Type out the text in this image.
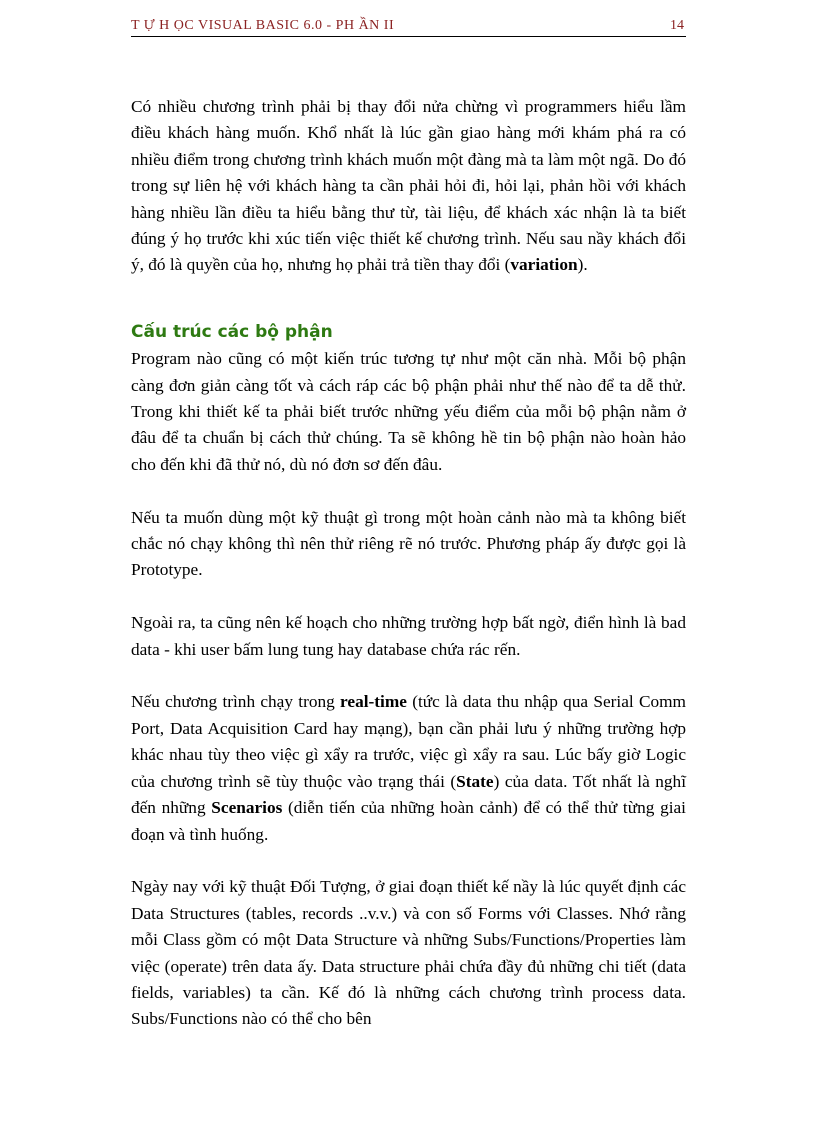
T Ự H ỌC VISUAL BASIC 6.0 - PH ẦN II	14

Có nhiều chương trình phải bị thay đổi nửa chừng vì programmers hiểu lầm điều khách hàng muốn. Khổ nhất là lúc gần giao hàng mới khám phá ra có nhiều điểm trong chương trình khách muốn một đàng mà ta làm một ngã. Do đó trong sự liên hệ với khách hàng ta cần phải hỏi đi, hỏi lại, phản hồi với khách hàng nhiều lần điều ta hiểu bằng thư từ, tài liệu, để khách xác nhận là ta biết đúng ý họ trước khi xúc tiến việc thiết kế chương trình. Nếu sau nầy khách đổi ý, đó là quyền của họ, nhưng họ phải trả tiền thay đổi (variation).

Cấu trúc các bộ phận

Program nào cũng có một kiến trúc tương tự như một căn nhà. Mỗi bộ phận càng đơn giản càng tốt và cách ráp các bộ phận phải như thế nào để ta dễ thử. Trong khi thiết kế ta phải biết trước những yếu điểm của mỗi bộ phận nằm ở đâu để ta chuẩn bị cách thử chúng. Ta sẽ không hề tin bộ phận nào hoàn hảo cho đến khi đã thử nó, dù nó đơn sơ đến đâu.

Nếu ta muốn dùng một kỹ thuật gì trong một hoàn cảnh nào mà ta không biết chắc nó chạy không thì nên thử riêng rẽ nó trước. Phương pháp ấy được gọi là Prototype.

Ngoài ra, ta cũng nên kế hoạch cho những trường hợp bất ngờ, điển hình là bad data - khi user bấm lung tung hay database chứa rác rến.

Nếu chương trình chạy trong real-time (tức là data thu nhập qua Serial Comm Port, Data Acquisition Card hay mạng), bạn cần phải lưu ý những trường hợp khác nhau tùy theo việc gì xẩy ra trước, việc gì xẩy ra sau. Lúc bấy giờ Logic của chương trình sẽ tùy thuộc vào trạng thái (State) của data. Tốt nhất là nghĩ đến những Scenarios (diễn tiến của những hoàn cảnh) để có thể thử từng giai đoạn và tình huống.

Ngày nay với kỹ thuật Đối Tượng, ở giai đoạn thiết kế nầy là lúc quyết định các Data Structures (tables, records ..v.v.) và con số Forms với Classes. Nhớ rằng mỗi Class gồm có một Data Structure và những Subs/Functions/Properties làm việc (operate) trên data ấy. Data structure phải chứa đầy đủ những chi tiết (data fields, variables) ta cần. Kế đó là những cách chương trình process data. Subs/Functions nào có thể cho bên
